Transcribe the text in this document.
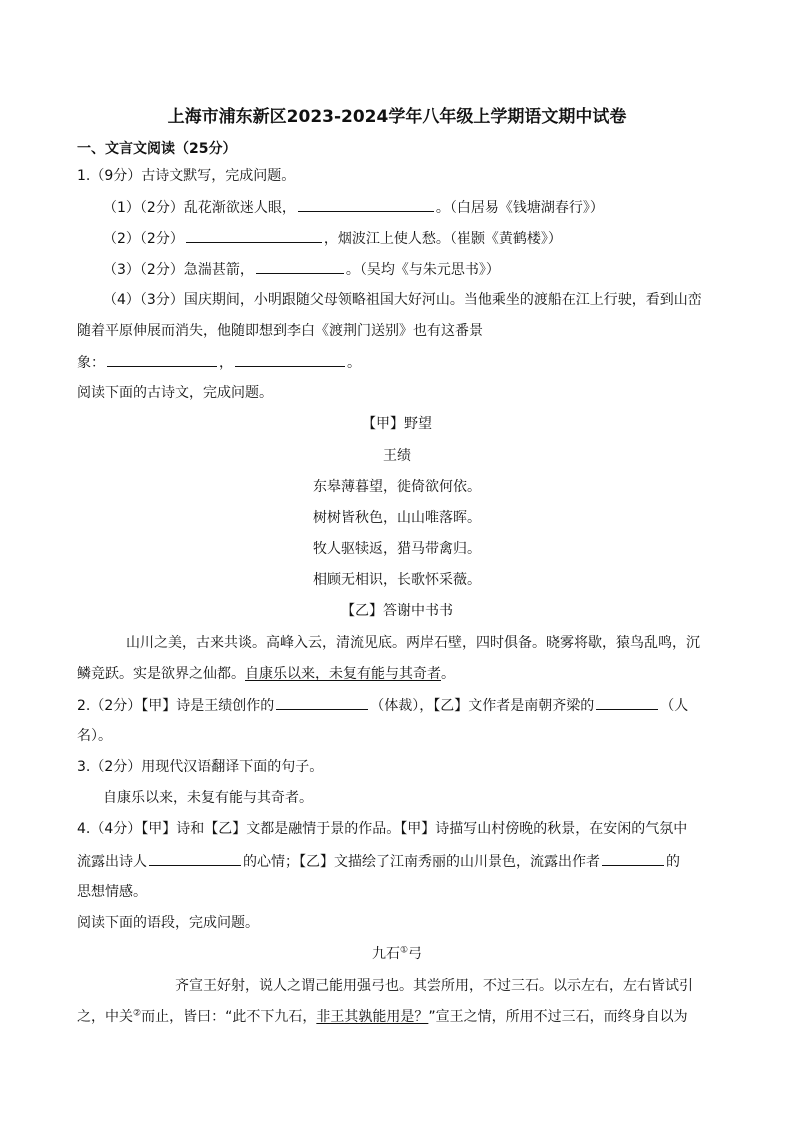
上海市浦东新区2023-2024学年八年级上学期语文期中试卷
一、文言文阅读（25分）
1.（9分）古诗文默写，完成问题。
（1）（2分）乱花渐欲迷人眼，	。（白居易《钱塘湖春行》）
（2）（2分）	，烟波江上使人愁。（崔颢《黄鹤楼》）
（3）（2分）急湍甚箭，	。（吴均《与朱元思书》）
（4）（3分）国庆期间，小明跟随父母领略祖国大好河山。当他乘坐的渡船在江上行驶，看到山峦
随着平原伸展而消失，他随即想到李白《渡荆门送别》也有这番景
象：	，	。
阅读下面的古诗文，完成问题。
【甲】野望
王绩
东皋薄暮望，徙倚欲何依。
树树皆秋色，山山唯落晖。
牧人驱犊返，猎马带禽归。
相顾无相识，长歌怀采薇。
【乙】答谢中书书
山川之美，古来共谈。高峰入云，清流见底。两岸石壁，四时俱备。晓雾将歇，猿鸟乱鸣，沉
鳞竞跃。实是欲界之仙都。自康乐以来，未复有能与其奇者。
2.（2分）【甲】诗是王绩创作的	（体裁），【乙】文作者是南朝齐梁的	（人
名）。
3.（2分）用现代汉语翻译下面的句子。
自康乐以来，未复有能与其奇者。
4.（4分）【甲】诗和【乙】文都是融情于景的作品。【甲】诗描写山村傍晚的秋景，在安闲的气氛中
流露出诗人	的心情；【乙】文描绘了江南秀丽的山川景色，流露出作者	的
思想情感。
阅读下面的语段，完成问题。
九石①弓
齐宣王好射，说人之谓己能用强弓也。其尝所用，不过三石。以示左右，左右皆试引
之，中关②而止，皆曰：“此不下九石，非王其孰能用是？”宣王之情，所用不过三石，而终身自以为
